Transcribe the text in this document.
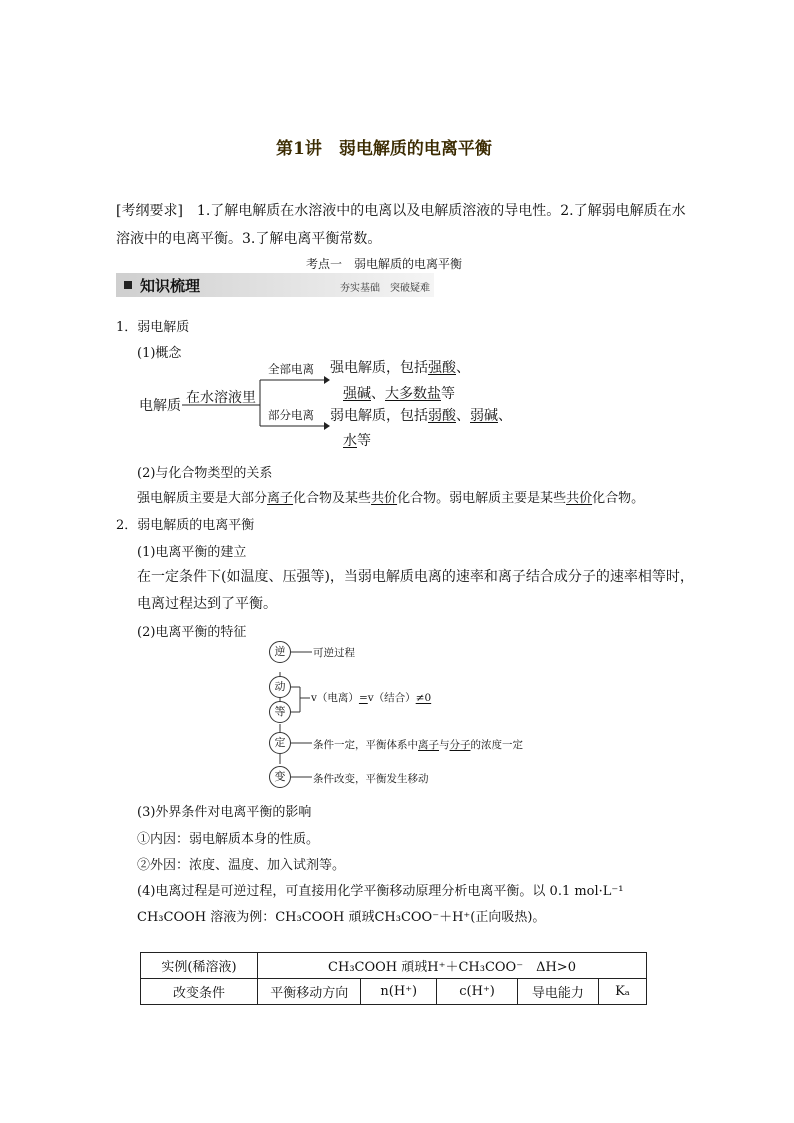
第1讲　弱电解质的电离平衡
[考纲要求]　1.了解电解质在水溶液中的电离以及电解质溶液的导电性。2.了解弱电解质在水
溶液中的电离平衡。3.了解电离平衡常数。
考点一　弱电解质的电离平衡
知识梳理	夯实基础　突破疑难
1．弱电解质
(1)概念
电解质 在水溶液里
全部电离
部分电离
强电解质，包括强酸、
强碱、大多数盐等
弱电解质，包括弱酸、弱碱、
水等
(2)与化合物类型的关系
强电解质主要是大部分离子化合物及某些共价化合物。弱电解质主要是某些共价化合物。
2．弱电解质的电离平衡
(1)电离平衡的建立
在一定条件下(如温度、压强等)，当弱电解质电离的速率和离子结合成分子的速率相等时，
电离过程达到了平衡。
(2)电离平衡的特征
逆
动
等
定
变
可逆过程
v（电离）=v（结合）≠0
条件一定，平衡体系中离子与分子的浓度一定
条件改变，平衡发生移动
(3)外界条件对电离平衡的影响
①内因：弱电解质本身的性质。
②外因：浓度、温度、加入试剂等。
(4)电离过程是可逆过程，可直接用化学平衡移动原理分析电离平衡。以 0.1 mol·L⁻¹
CH₃COOH 溶液为例：CH₃COOH 頑珬CH₃COO⁻＋H⁺(正向吸热)。
实例(稀溶液)	CH₃COOH 頑珬H⁺＋CH₃COO⁻　ΔH>0				
改变条件	平衡移动方向	n(H⁺)	c(H⁺)	导电能力	Kₐ
